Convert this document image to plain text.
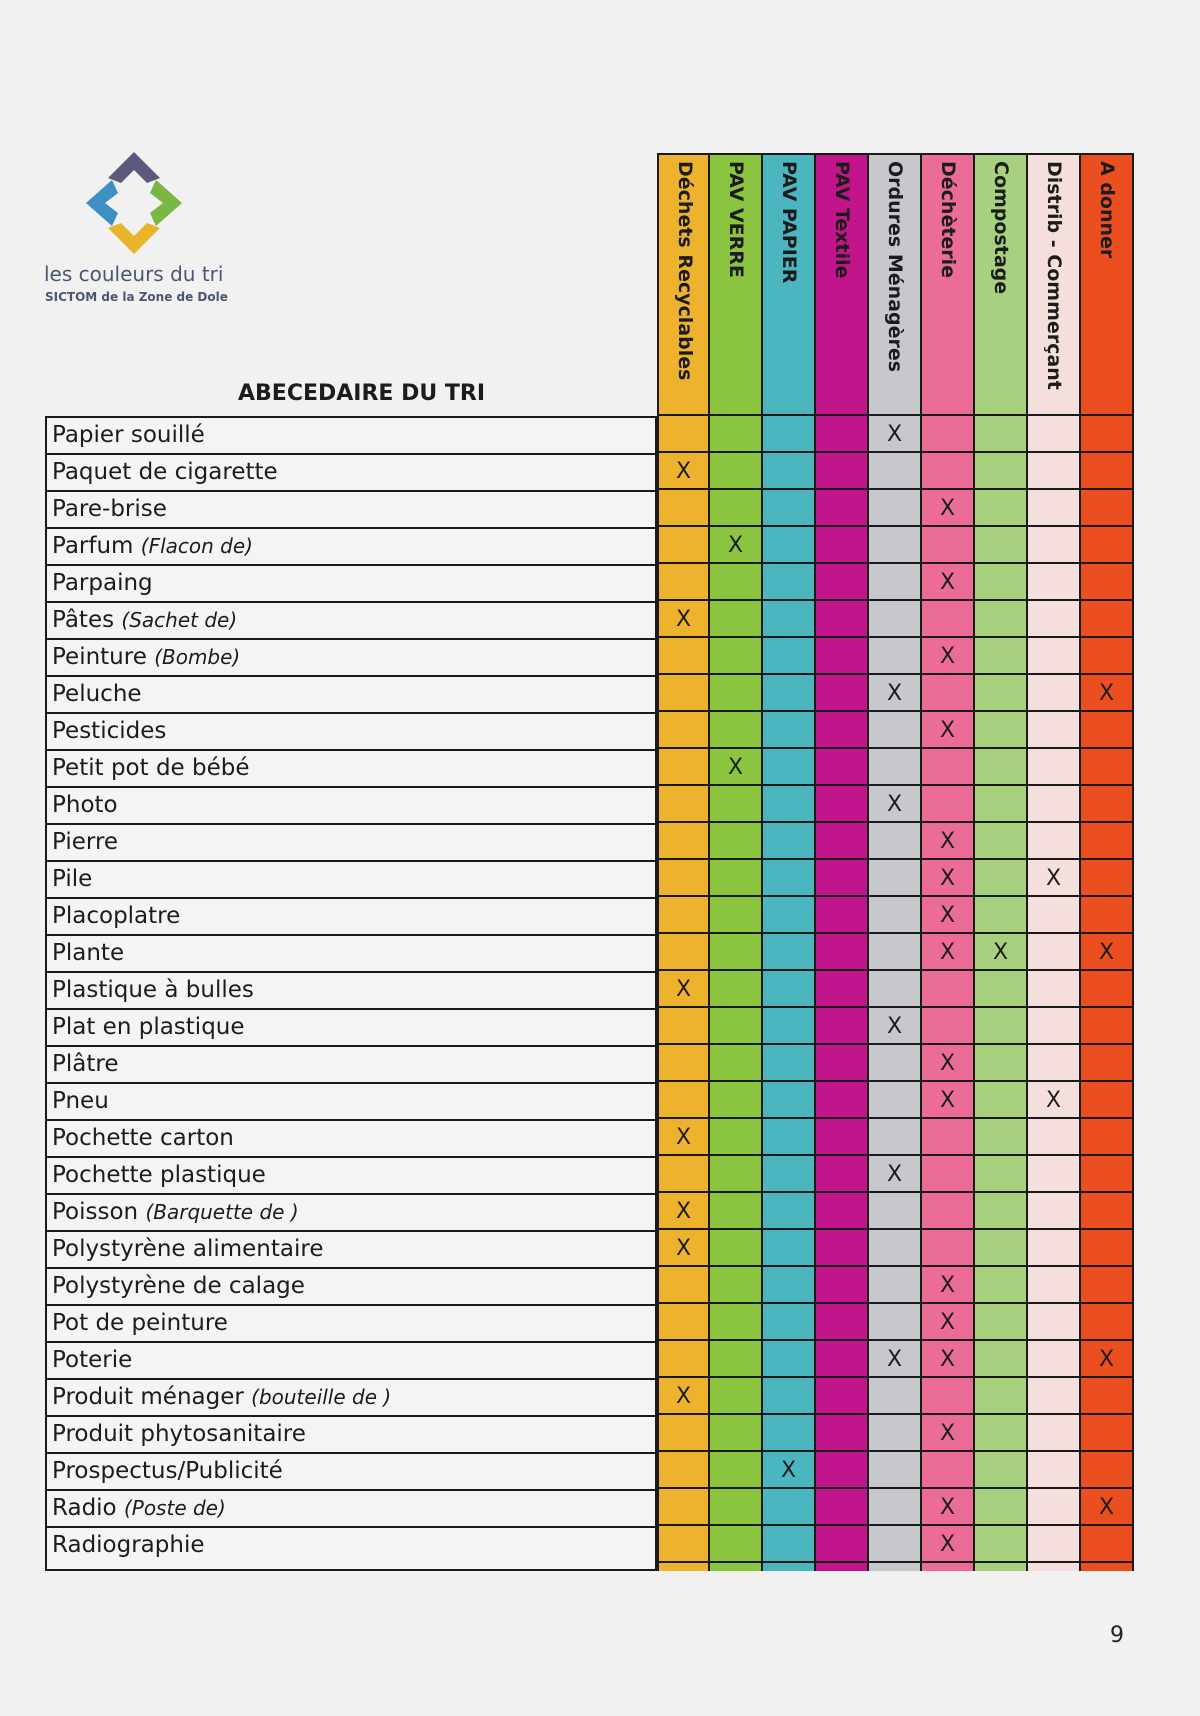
les couleurs du tri
SICTOM de la Zone de Dole
ABECEDAIRE DU TRI
Papier souillé
Paquet de cigarette
Pare-brise
Parfum (Flacon de)
Parpaing
Pâtes (Sachet de)
Peinture (Bombe)
Peluche
Pesticides
Petit pot de bébé
Photo
Pierre
Pile
Placoplatre
Plante
Plastique à bulles
Plat en plastique
Plâtre
Pneu
Pochette carton
Pochette plastique
Poisson (Barquette de )
Polystyrène alimentaire
Polystyrène de calage
Pot de peinture
Poterie
Produit ménager (bouteille de )
Produit phytosanitaire
Prospectus/Publicité
Radio (Poste de)
Radiographie
Déchets Recyclables
X
X
X
X
X
X
X
PAV VERRE
X
X
PAV PAPIER
X
PAV Textile	Ordures Ménagères
X
X
X
X
X
X
Déchèterie
X
X
X
X
X
X
X
X
X
X
X
X
X
X
X
X
Compostage
X
Distrib - Commerçant
X
X
A donner
X
X
X
X
9
